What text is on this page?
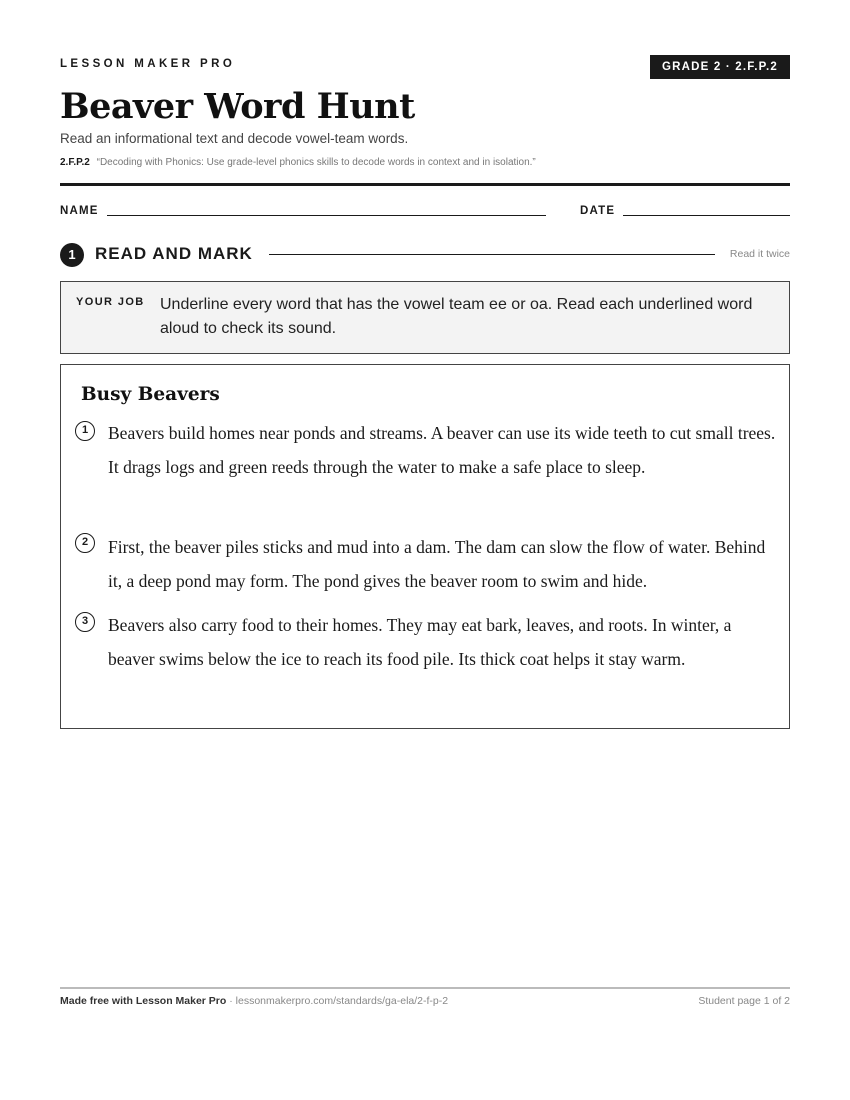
LESSON MAKER PRO	GRADE 2 · 2.F.P.2
Beaver Word Hunt
Read an informational text and decode vowel-team words.
2.F.P.2 “Decoding with Phonics: Use grade-level phonics skills to decode words in context and in isolation.”
NAME	DATE
1	READ AND MARK	Read it twice
YOUR JOB Underline every word that has the vowel team ee or oa. Read each underlined word aloud to check its sound.
Busy Beavers
1	Beavers build homes near ponds and streams. A beaver can use its wide teeth to cut small trees. It drags logs and green reeds through the water to make a safe place to sleep.
2	First, the beaver piles sticks and mud into a dam. The dam can slow the flow of water. Behind it, a deep pond may form. The pond gives the beaver room to swim and hide.
3	Beavers also carry food to their homes. They may eat bark, leaves, and roots. In winter, a beaver swims below the ice to reach its food pile. Its thick coat helps it stay warm.
Made free with Lesson Maker Pro · lessonmakerpro.com/standards/ga-ela/2-f-p-2	Student page 1 of 2
